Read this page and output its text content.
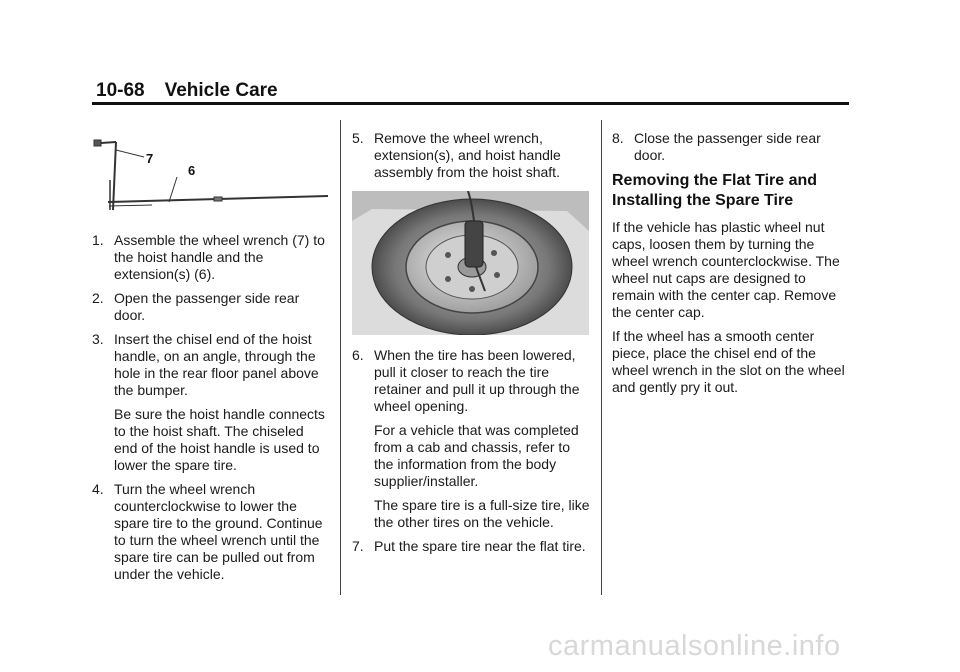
10-68 Vehicle Care
7
6
1. Assemble the wheel wrench (7) to the hoist handle and the extension(s) (6).
2. Open the passenger side rear door.
3. Insert the chisel end of the hoist handle, on an angle, through the hole in the rear floor panel above the bumper.
Be sure the hoist handle connects to the hoist shaft. The chiseled end of the hoist handle is used to lower the spare tire.
4. Turn the wheel wrench counterclockwise to lower the spare tire to the ground. Continue to turn the wheel wrench until the spare tire can be pulled out from under the vehicle.
5. Remove the wheel wrench, extension(s), and hoist handle assembly from the hoist shaft.
6. When the tire has been lowered, pull it closer to reach the tire retainer and pull it up through the wheel opening.
For a vehicle that was completed from a cab and chassis, refer to the information from the body supplier/installer.
The spare tire is a full-size tire, like the other tires on the vehicle.
7. Put the spare tire near the flat tire.
8. Close the passenger side rear door.
Removing the Flat Tire and Installing the Spare Tire
If the vehicle has plastic wheel nut caps, loosen them by turning the wheel wrench counterclockwise. The wheel nut caps are designed to remain with the center cap. Remove the center cap.
If the wheel has a smooth center piece, place the chisel end of the wheel wrench in the slot on the wheel and gently pry it out.
carmanualsonline.info
